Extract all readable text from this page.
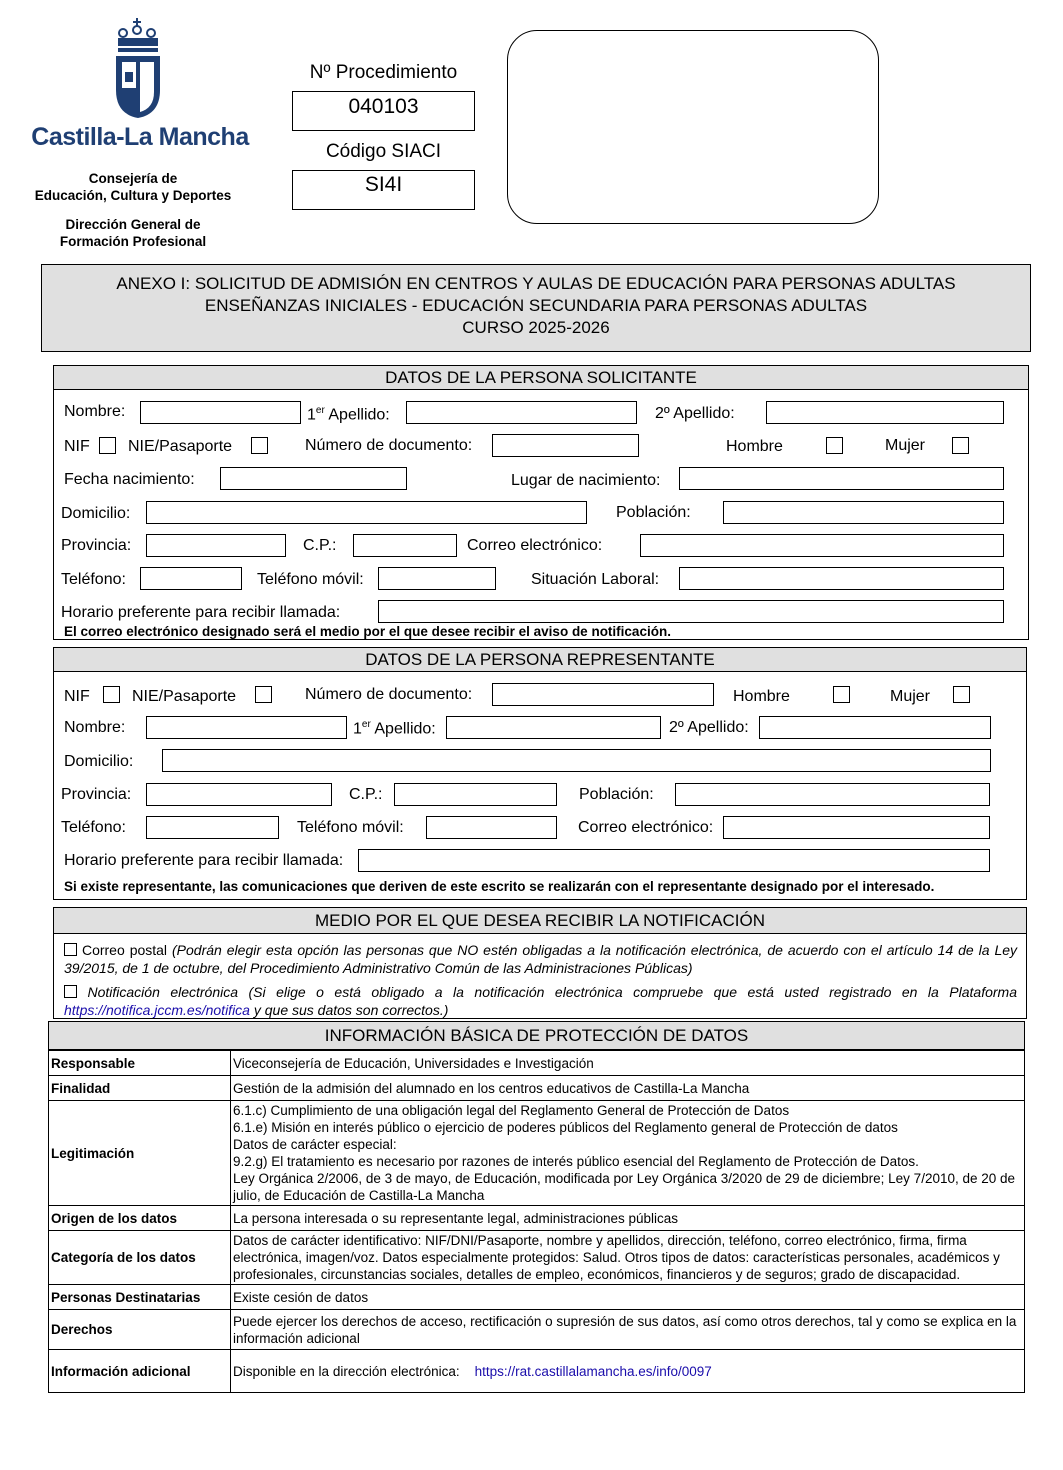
Castilla-La Mancha
Consejería de
Educación, Cultura y Deportes
Dirección General de
Formación Profesional
Nº Procedimiento
040103
Código SIACI
SI4I
ANEXO I: SOLICITUD DE ADMISIÓN EN CENTROS Y AULAS DE EDUCACIÓN PARA PERSONAS ADULTAS
ENSEÑANZAS INICIALES - EDUCACIÓN SECUNDARIA PARA PERSONAS ADULTAS
CURSO 2025-2026
DATOS DE LA PERSONA SOLICITANTE
Nombre:	1er Apellido:	2º Apellido:
NIF NIE/Pasaporte	Número de documento:	Hombre	Mujer
Fecha nacimiento:	Lugar de nacimiento:
Domicilio:	Población:
Provincia:	C.P.:	Correo electrónico:
Teléfono:	Teléfono móvil:	Situación Laboral:
Horario preferente para recibir llamada:
El correo electrónico designado será el medio por el que desee recibir el aviso de notificación.
DATOS DE LA PERSONA REPRESENTANTE
NIF	NIE/Pasaporte	Número de documento:	Hombre	Mujer
Nombre:	1er Apellido:	2º Apellido:
Domicilio:
Provincia:	C.P.:	Población:
Teléfono:	Teléfono móvil:	Correo electrónico:
Horario preferente para recibir llamada:
Si existe representante, las comunicaciones que deriven de este escrito se realizarán con el representante designado por el interesado.
MEDIO POR EL QUE DESEA RECIBIR LA NOTIFICACIÓN
Correo postal (Podrán elegir esta opción las personas que NO estén obligadas a la notificación electrónica, de acuerdo con el artículo 14 de la Ley 39/2015, de 1 de octubre, del Procedimiento Administrativo Común de las Administraciones Públicas)
Notificación electrónica (Si elige o está obligado a la notificación electrónica compruebe que está usted registrado en la Plataforma https://notifica.jccm.es/notifica y que sus datos son correctos.)
INFORMACIÓN BÁSICA DE PROTECCIÓN DE DATOS
Responsable	Viceconsejería de Educación, Universidades e Investigación
Finalidad	Gestión de la admisión del alumnado en los centros educativos de Castilla-La Mancha
Legitimación	6.1.c) Cumplimiento de una obligación legal del Reglamento General de Protección de Datos
6.1.e) Misión en interés público o ejercicio de poderes públicos del Reglamento general de Protección de datos
Datos de carácter especial:
9.2.g) El tratamiento es necesario por razones de interés público esencial del Reglamento de Protección de Datos.
Ley Orgánica 2/2006, de 3 de mayo, de Educación, modificada por Ley Orgánica 3/2020 de 29 de diciembre; Ley 7/2010, de 20 de julio, de Educación de Castilla-La Mancha

Origen de los datos	La persona interesada o su representante legal, administraciones públicas
Categoría de los datos	Datos de carácter identificativo: NIF/DNI/Pasaporte, nombre y apellidos, dirección, teléfono, correo electrónico, firma, firma electrónica, imagen/voz. Datos especialmente protegidos: Salud. Otros tipos de datos: características personales, académicos y profesionales, circunstancias sociales, detalles de empleo, económicos, financieros y de seguros; grado de discapacidad.
Personas Destinatarias	Existe cesión de datos
Derechos	Puede ejercer los derechos de acceso, rectificación o supresión de sus datos, así como otros derechos, tal y como se explica en la información adicional
Información adicional	Disponible en la dirección electrónica: https://rat.castillalamancha.es/info/0097
